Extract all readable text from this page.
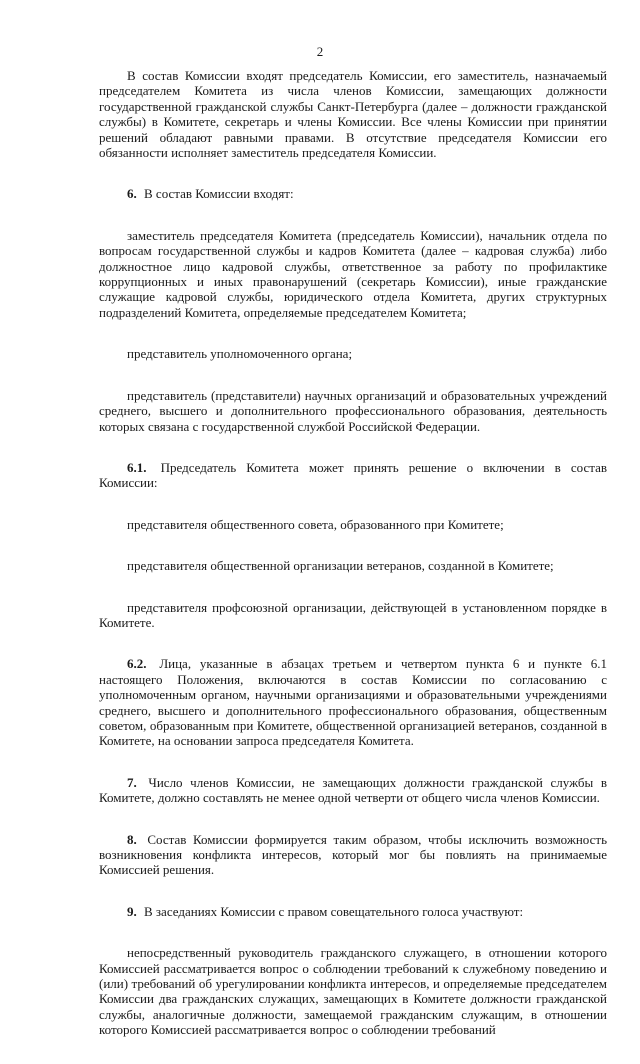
2

В состав Комиссии входят председатель Комиссии, его заместитель, назначаемый председателем Комитета из числа членов Комиссии, замещающих должности государственной гражданской службы Санкт-Петербурга (далее – должности гражданской службы) в Комитете, секретарь и члены Комиссии. Все члены Комиссии при принятии решений обладают равными правами. В отсутствие председателя Комиссии его обязанности исполняет заместитель председателя Комиссии.

6. В состав Комиссии входят:

заместитель председателя Комитета (председатель Комиссии), начальник отдела по вопросам государственной службы и кадров Комитета (далее – кадровая служба) либо должностное лицо кадровой службы, ответственное за работу по профилактике коррупционных и иных правонарушений (секретарь Комиссии), иные гражданские служащие кадровой службы, юридического отдела Комитета, других структурных подразделений Комитета, определяемые председателем Комитета;

представитель уполномоченного органа;

представитель (представители) научных организаций и образовательных учреждений среднего, высшего и дополнительного профессионального образования, деятельность которых связана с государственной службой Российской Федерации.

6.1. Председатель Комитета может принять решение о включении в состав Комиссии:

представителя общественного совета, образованного при Комитете;

представителя общественной организации ветеранов, созданной в Комитете;

представителя профсоюзной организации, действующей в установленном порядке в Комитете.

6.2. Лица, указанные в абзацах третьем и четвертом пункта 6 и пункте 6.1 настоящего Положения, включаются в состав Комиссии по согласованию с уполномоченным органом, научными организациями и образовательными учреждениями среднего, высшего и дополнительного профессионального образования, общественным советом, образованным при Комитете, общественной организацией ветеранов, созданной в Комитете, на основании запроса председателя Комитета.

7. Число членов Комиссии, не замещающих должности гражданской службы в Комитете, должно составлять не менее одной четверти от общего числа членов Комиссии.

8. Состав Комиссии формируется таким образом, чтобы исключить возможность возникновения конфликта интересов, который мог бы повлиять на принимаемые Комиссией решения.

9. В заседаниях Комиссии с правом совещательного голоса участвуют:

непосредственный руководитель гражданского служащего, в отношении которого Комиссией рассматривается вопрос о соблюдении требований к служебному поведению и (или) требований об урегулировании конфликта интересов, и определяемые председателем Комиссии два гражданских служащих, замещающих в Комитете должности гражданской службы, аналогичные должности, замещаемой гражданским служащим, в отношении которого Комиссией рассматривается вопрос о соблюдении требований
